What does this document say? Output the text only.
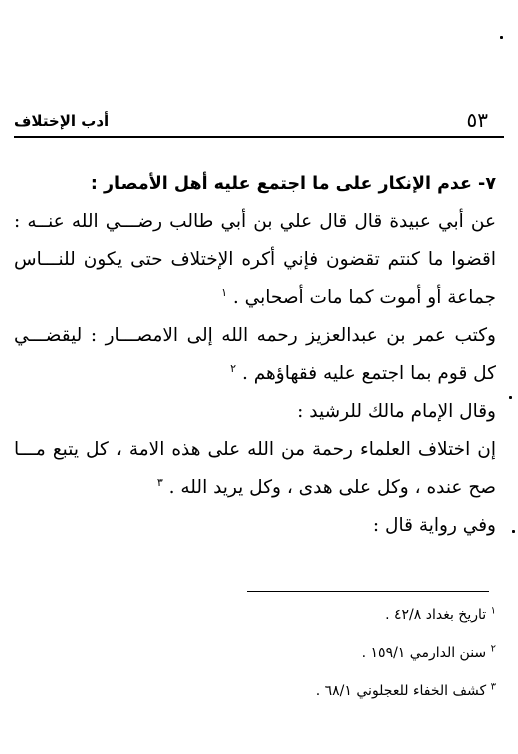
أدب الإختلاف	٥٣
٧- عدم الإنكار على ما اجتمع عليه أهل الأمصار :
عن أبي عبيدة قال قال علي بن أبي طالب رضـــي الله عنــه :
اقضوا ما كنتم تقضون فإني أكره الإختلاف حتى يكون للنـــاس
جماعة أو أموت كما مات أصحابي . $^١$
وكتب عمر بن عبدالعزيز رحمه الله إلى الامصـــار : ليقضـــي
كل قوم بما اجتمع عليه فقهاؤهم . $^٢$
وقال الإمام مالك للرشيد :
إن اختلاف العلماء رحمة من الله على هذه الامة ، كل يتبع مـــا
صح عنده ، وكل على هدى ، وكل يريد الله . $^٣$
وفي رواية قال :
$^١$ تاريخ بغداد ٤٢/٨ .
$^٢$ سنن الدارمي ١٥٩/١ .
$^٣$ كشف الخفاء للعجلوني ٦٨/١ .
